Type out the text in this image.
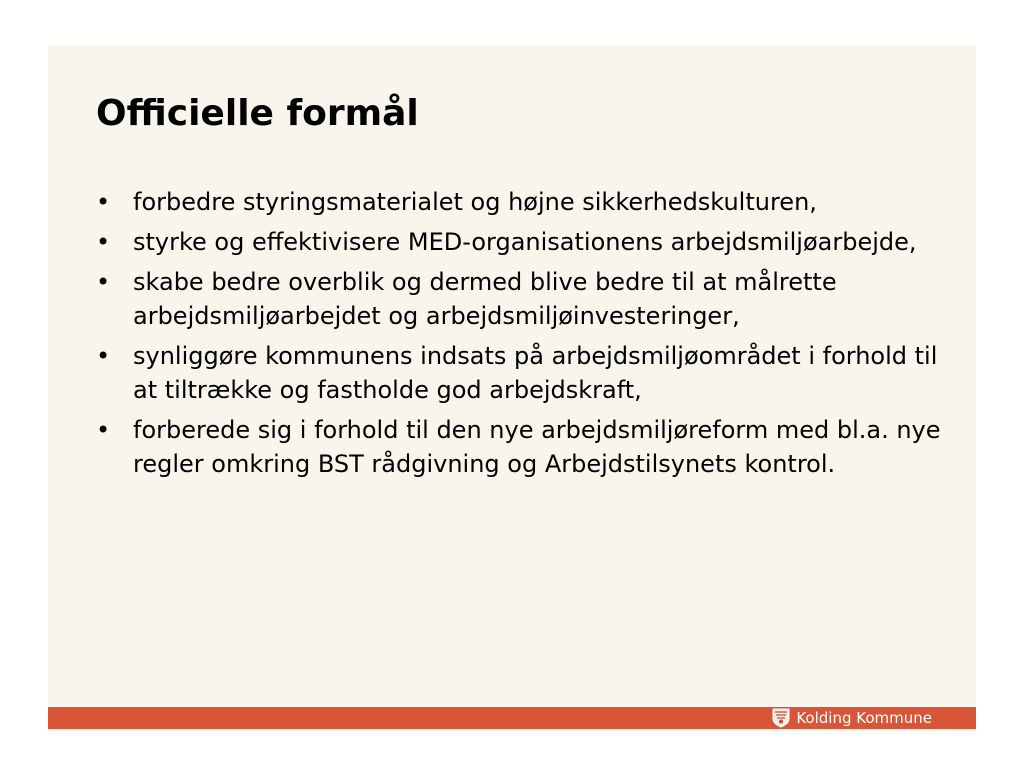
Officielle formål
• forbedre styringsmaterialet og højne sikkerhedskulturen,
• styrke og effektivisere MED-organisationens arbejdsmiljøarbejde,
• skabe bedre overblik og dermed blive bedre til at målrette arbejdsmiljøarbejdet og arbejdsmiljøinvesteringer,
• synliggøre kommunens indsats på arbejdsmiljøområdet i forhold til at tiltrække og fastholde god arbejdskraft,
• forberede sig i forhold til den nye arbejdsmiljøreform med bl.a. nye regler omkring BST rådgivning og Arbejdstilsynets kontrol.
Kolding Kommune
